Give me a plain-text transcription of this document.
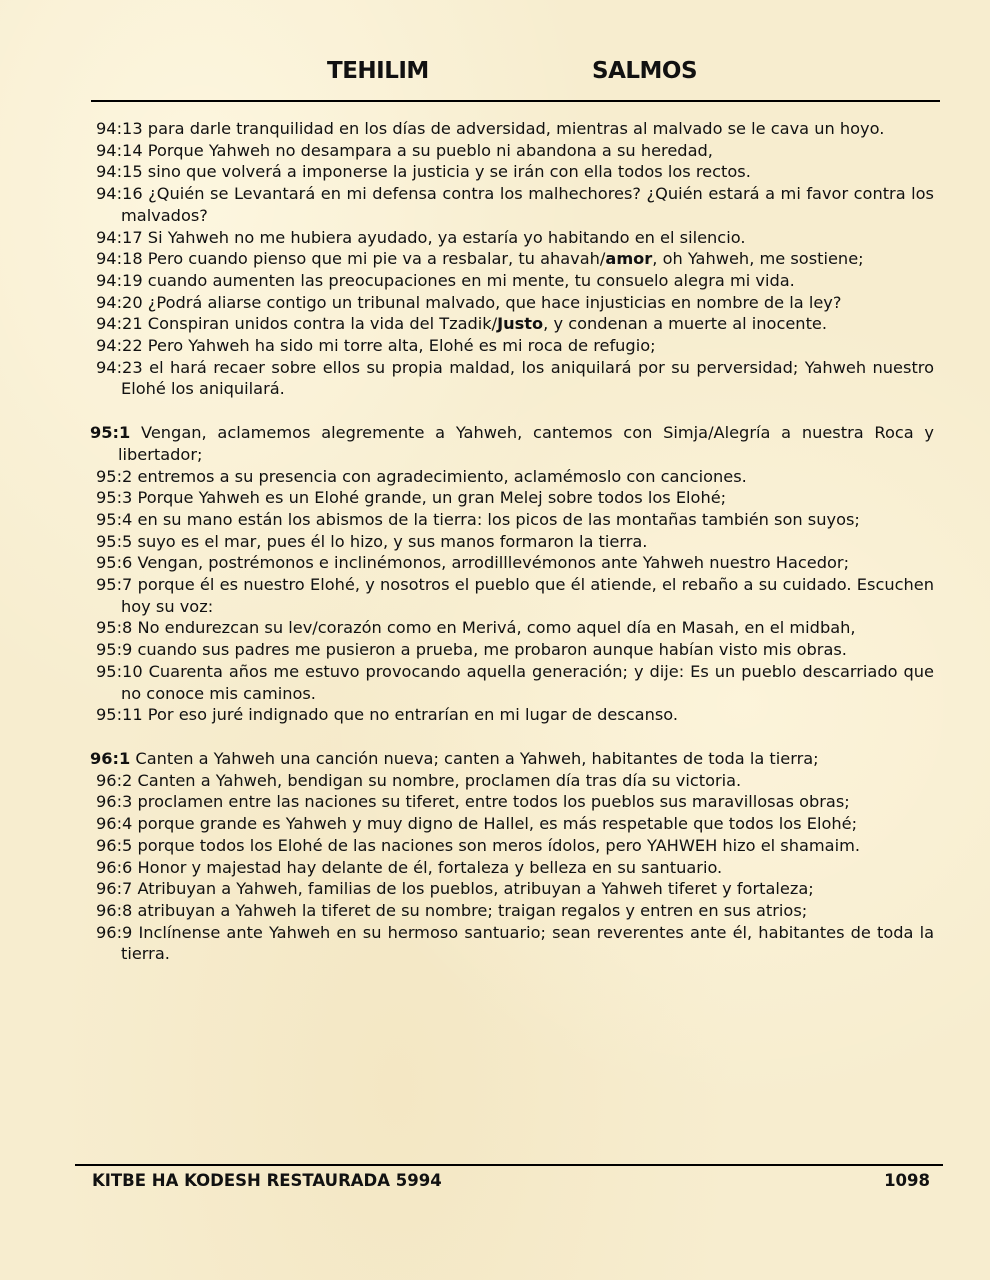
TEHILIM	SALMOS

94:13 para darle tranquilidad en los días de adversidad, mientras al malvado se le cava un hoyo.

94:14 Porque Yahweh no desampara a su pueblo ni abandona a su heredad,

94:15 sino que volverá a imponerse la justicia y se irán con ella todos los rectos.

94:16 ¿Quién se Levantará en mi defensa contra los malhechores? ¿Quién estará a mi favor contra los malvados?

94:17 Si Yahweh no me hubiera ayudado, ya estaría yo habitando en el silencio.

94:18 Pero cuando pienso que mi pie va a resbalar, tu ahavah/amor, oh Yahweh, me sostiene;

94:19 cuando aumenten las preocupaciones en mi mente, tu consuelo alegra mi vida.

94:20 ¿Podrá aliarse contigo un tribunal malvado, que hace injusticias en nombre de la ley?

94:21 Conspiran unidos contra la vida del Tzadik/Justo, y condenan a muerte al inocente.

94:22 Pero Yahweh ha sido mi torre alta, Elohé es mi roca de refugio;

94:23 el hará recaer sobre ellos su propia maldad, los aniquilará por su perversidad; Yahweh nuestro Elohé los aniquilará.

95:1 Vengan, aclamemos alegremente a Yahweh, cantemos con Simja/Alegría a nuestra Roca y libertador;

95:2 entremos a su presencia con agradecimiento, aclamémoslo con canciones.

95:3 Porque Yahweh es un Elohé grande, un gran Melej sobre todos los Elohé;

95:4 en su mano están los abismos de la tierra: los picos de las montañas también son suyos;

95:5 suyo es el mar, pues él lo hizo, y sus manos formaron la tierra.

95:6 Vengan, postrémonos e inclinémonos, arrodilllevémonos ante Yahweh nuestro Hacedor;

95:7 porque él es nuestro Elohé, y nosotros el pueblo que él atiende, el rebaño a su cuidado. Escuchen hoy su voz:

95:8 No endurezcan su lev/corazón como en Merivá, como aquel día en Masah, en el midbah,

95:9 cuando sus padres me pusieron a prueba, me probaron aunque habían visto mis obras.

95:10 Cuarenta años me estuvo provocando aquella generación; y dije: Es un pueblo descarriado que no conoce mis caminos.

95:11 Por eso juré indignado que no entrarían en mi lugar de descanso.

96:1 Canten a Yahweh una canción nueva; canten a Yahweh, habitantes de toda la tierra;

96:2 Canten a Yahweh, bendigan su nombre, proclamen día tras día su victoria.

96:3 proclamen entre las naciones su tiferet, entre todos los pueblos sus maravillosas obras;

96:4 porque grande es Yahweh y muy digno de Hallel, es más respetable que todos los Elohé;

96:5 porque todos los Elohé de las naciones son meros ídolos, pero YAHWEH hizo el shamaim.

96:6 Honor y majestad hay delante de él, fortaleza y belleza en su santuario.

96:7 Atribuyan a Yahweh, familias de los pueblos, atribuyan a Yahweh tiferet y fortaleza;

96:8 atribuyan a Yahweh la tiferet de su nombre; traigan regalos y entren en sus atrios;

96:9 Inclínense ante Yahweh en su hermoso santuario; sean reverentes ante él, habitantes de toda la tierra.

KITBE HA KODESH RESTAURADA 5994	1098
